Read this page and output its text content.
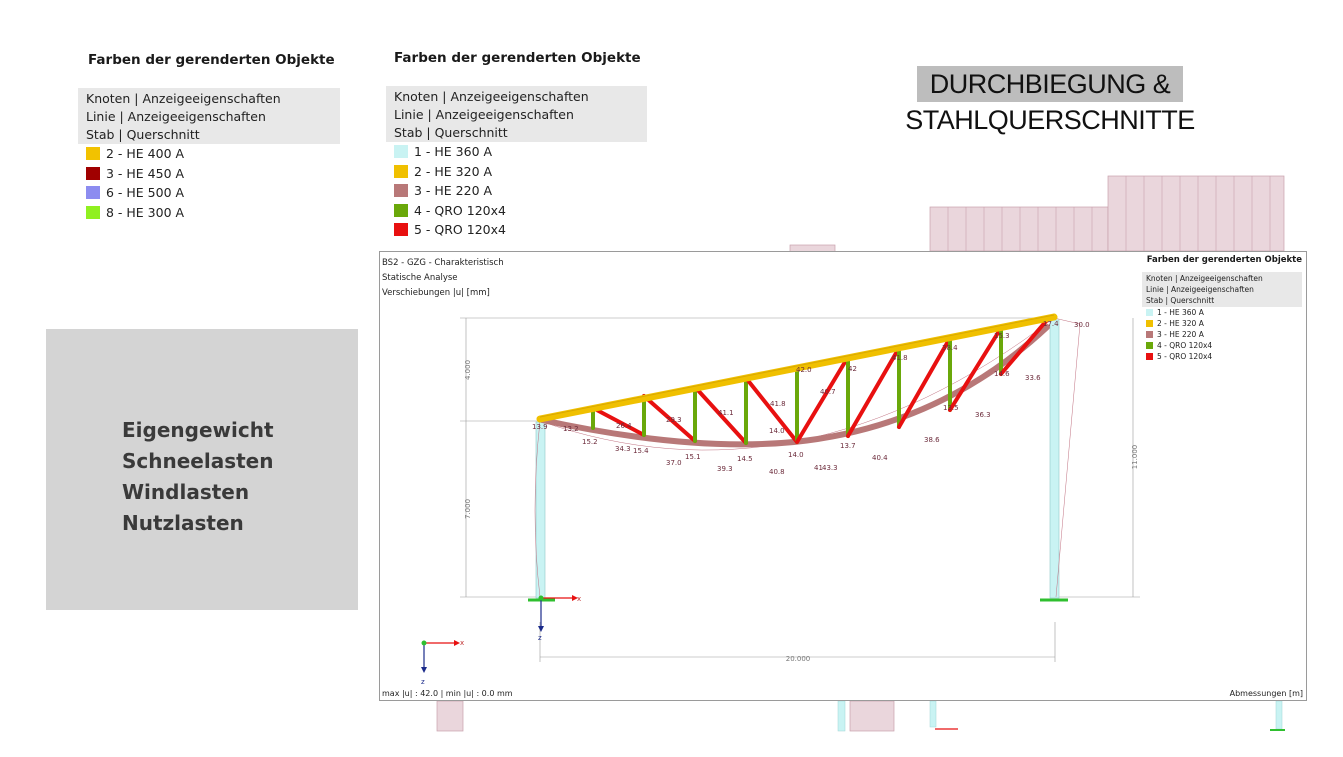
Farben der gerenderten Objekte
Knoten | Anzeigeeigenschaften
Linie | Anzeigeeigenschaften
Stab | Querschnitt
2 - HE 400 A
3 - HE 450 A
6 - HE 500 A
8 - HE 300 A
Farben der gerenderten Objekte
Knoten | Anzeigeeigenschaften
Linie | Anzeigeeigenschaften
Stab | Querschnitt
1 - HE 360 A
2 - HE 320 A
3 - HE 220 A
4 - QRO 120x4
5 - QRO 120x4
DURCHBIEGUNG &
STAHLQUERSCHNITTE
Eigengewicht
Schneelasten
Windlasten
Nutzlasten
4.000
7.000
11.000
20.000
13.9 13.2
15.2
26.4
34.3 15.4
29.3
37.0
15.1
41.1
39.3
14.5
14.0
41.8
40.8
14.0
42.0
41 43.3
40.7
13.7
40.4
42
41.8
38.6
13.5
36.3
38.4
14.6 33.6
17.4 30.0
15.3
x
z
x
z
BS2 - GZG - Charakteristisch
Statische Analyse
Verschiebungen |u| [mm]
Farben der gerenderten Objekte
Knoten | Anzeigeeigenschaften
Linie | Anzeigeeigenschaften
Stab | Querschnitt
1 - HE 360 A
2 - HE 320 A
3 - HE 220 A
4 - QRO 120x4
5 - QRO 120x4
max |u| : 42.0 | min |u| : 0.0 mm	Abmessungen [m]
